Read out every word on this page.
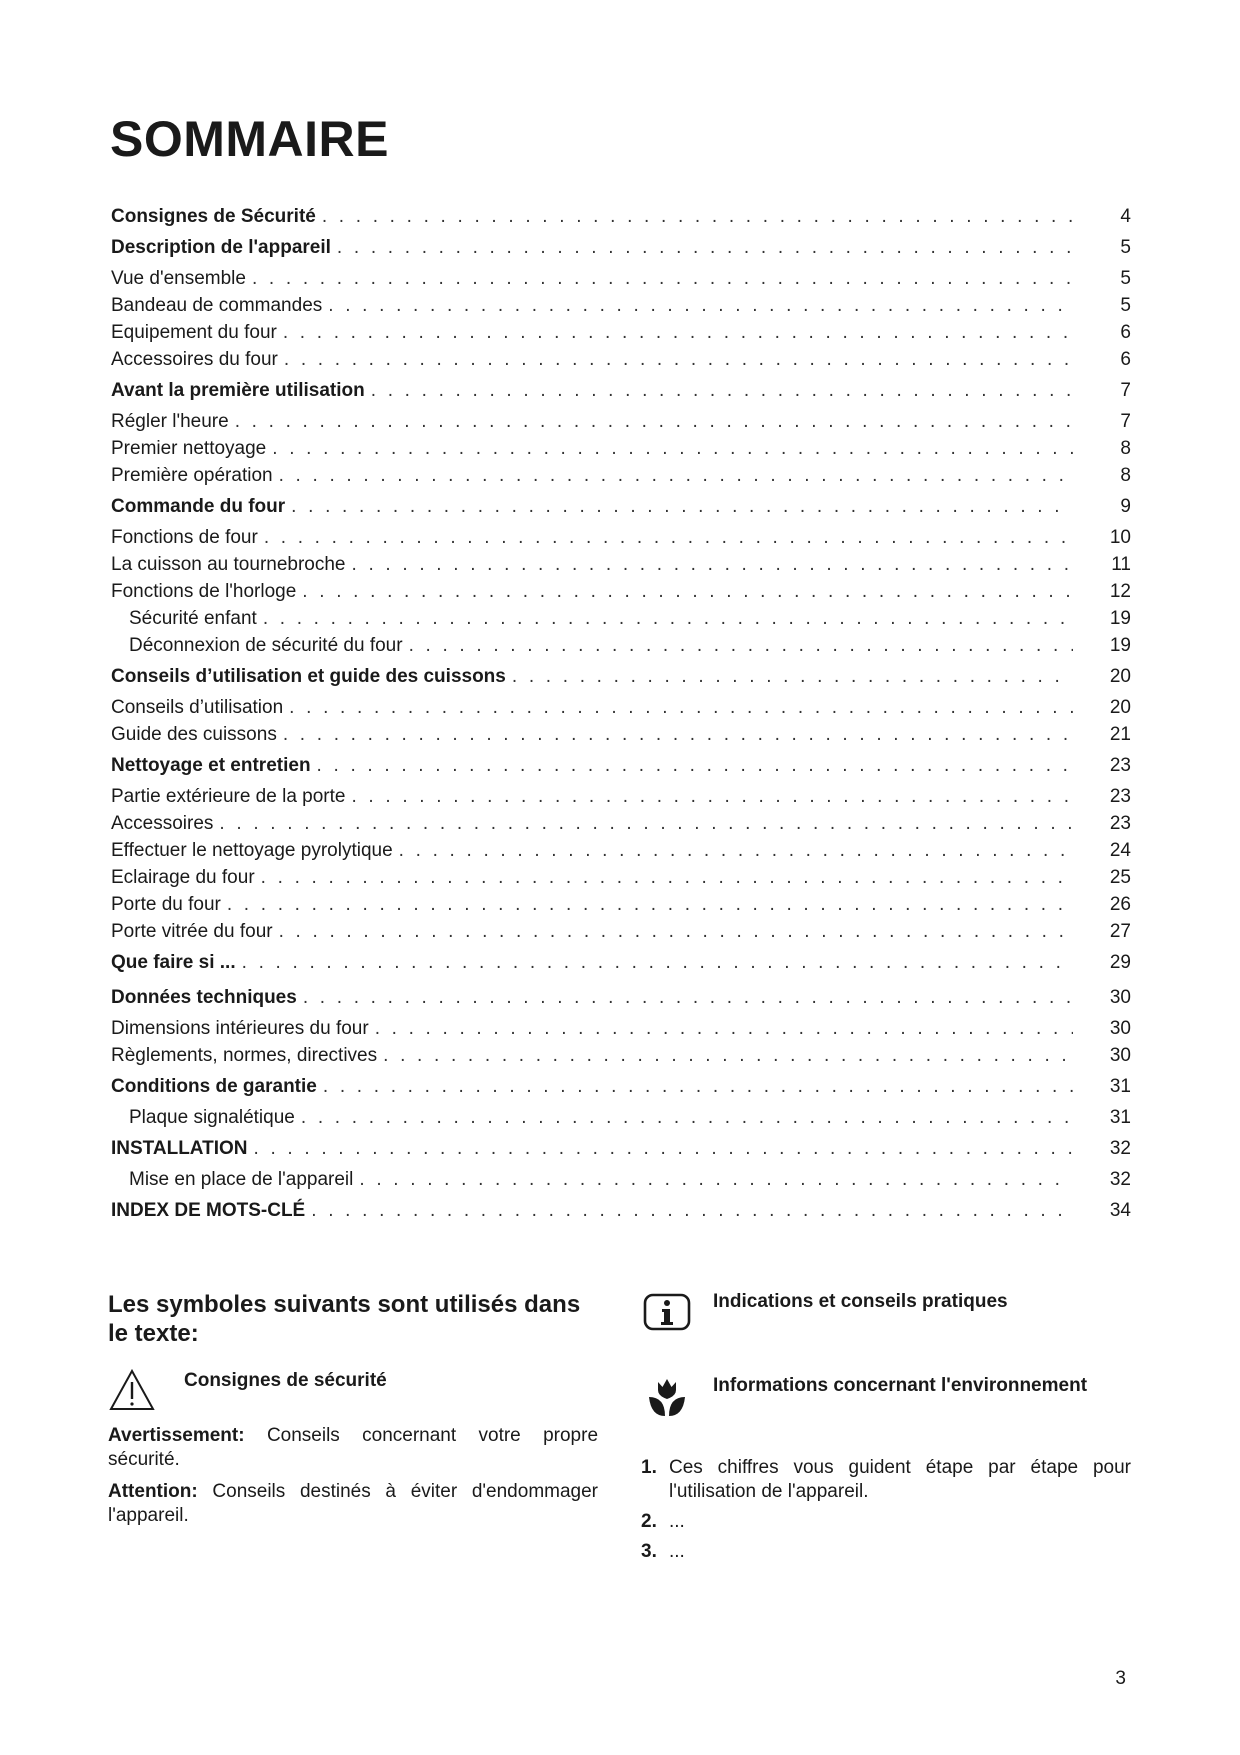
SOMMAIRE
Consignes de Sécurité . . .	4
Description de l'appareil . . .	5
Vue d'ensemble . . .	5
Bandeau de commandes . . .	5
Equipement du four . . .	6
Accessoires du four . . .	6
Avant la première utilisation . . .	7
Régler l'heure . . .	7
Premier nettoyage . . .	8
Première opération . . .	8
Commande du four . . .	9
Fonctions de four . . .	10
La cuisson au tournebroche . . .	11
Fonctions de l'horloge . . .	12
Sécurité enfant . . .	19
Déconnexion de sécurité du four . . .	19
Conseils d’utilisation et guide des cuissons . . .	20
Conseils d’utilisation . . .	20
Guide des cuissons . . .	21
Nettoyage et entretien . . .	23
Partie extérieure de la porte . . .	23
Accessoires . . .	23
Effectuer le nettoyage pyrolytique . . .	24
Eclairage du four . . .	25
Porte du four . . .	26
Porte vitrée du four . . .	27
Que faire si ... . . .	29
Données techniques . . .	30
Dimensions intérieures du four . . .	30
Règlements, normes, directives . . .	30
Conditions de garantie . . .	31
Plaque signalétique . . .	31
INSTALLATION . . .	32
Mise en place de l'appareil . . .	32
INDEX DE MOTS-CLÉ . . .	34
Les symboles suivants sont utilisés dans le texte:
Consignes de sécurité

Avertissement: Conseils concernant votre propre sécurité.

Attention: Conseils destinés à éviter d'endommager l'appareil.

Indications et conseils pratiques
Informations concernant l'environnement
1. Ces chiffres vous guident étape par étape pour l'utilisation de l'appareil.
2. ...
3. ...
3
